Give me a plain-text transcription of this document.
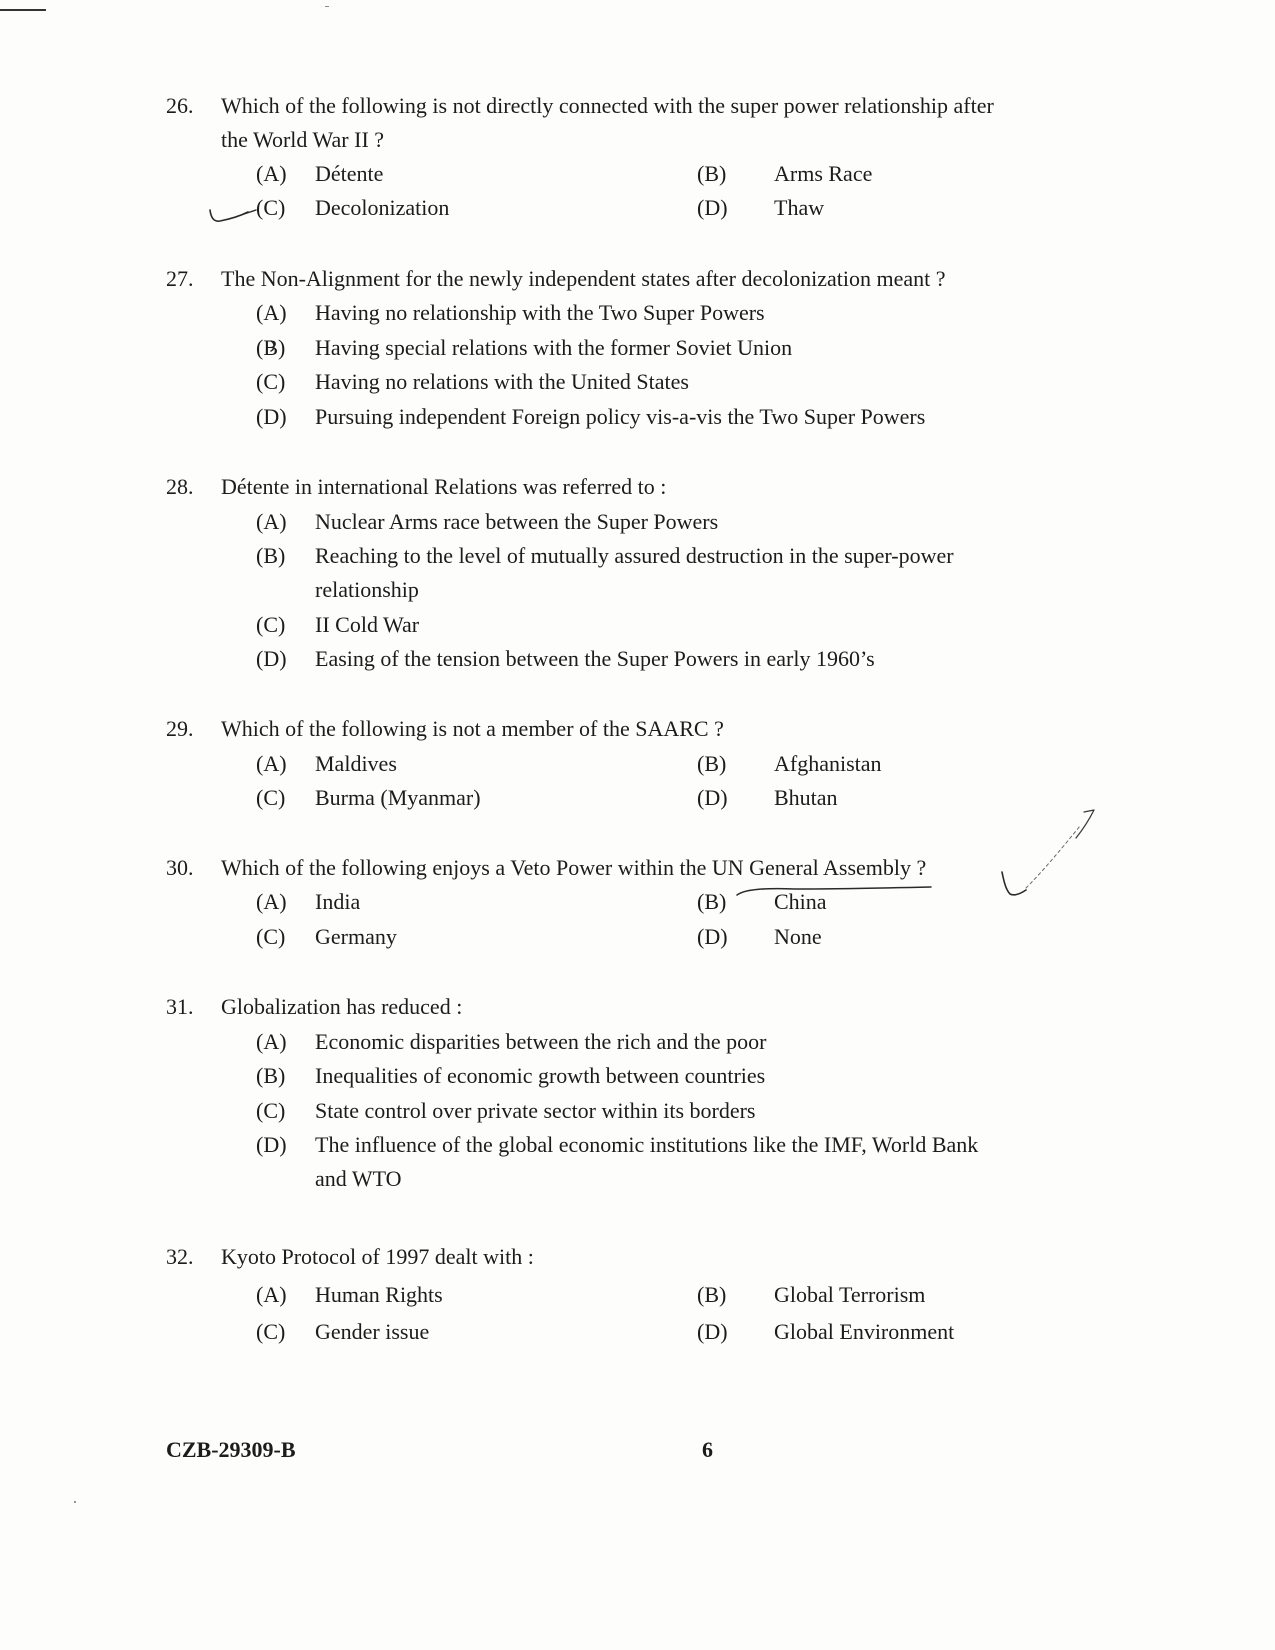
26. Which of the following is not directly connected with the super power relationship after the World War II ?
(A) Détente	(B) Arms Race
(C) Decolonization	(D) Thaw
27. The Non-Alignment for the newly independent states after decolonization meant ?
(A) Having no relationship with the Two Super Powers
(B) Having special relations with the former Soviet Union
(C) Having no relations with the United States
(D) Pursuing independent Foreign policy vis-a-vis the Two Super Powers
28. Détente in international Relations was referred to :
(A) Nuclear Arms race between the Super Powers
(B) Reaching to the level of mutually assured destruction in the super-power relationship
(C) II Cold War
(D) Easing of the tension between the Super Powers in early 1960’s
29. Which of the following is not a member of the SAARC ?
(A) Maldives	(B) Afghanistan
(C) Burma (Myanmar)	(D) Bhutan
30. Which of the following enjoys a Veto Power within the UN General Assembly ?
(A) India	(B) China
(C) Germany	(D) None
31. Globalization has reduced :
(A) Economic disparities between the rich and the poor
(B) Inequalities of economic growth between countries
(C) State control over private sector within its borders
(D) The influence of the global economic institutions like the IMF, World Bank and WTO
32. Kyoto Protocol of 1997 dealt with :
(A) Human Rights	(B) Global Terrorism
(C) Gender issue	(D) Global Environment
CZB-29309-B	6
